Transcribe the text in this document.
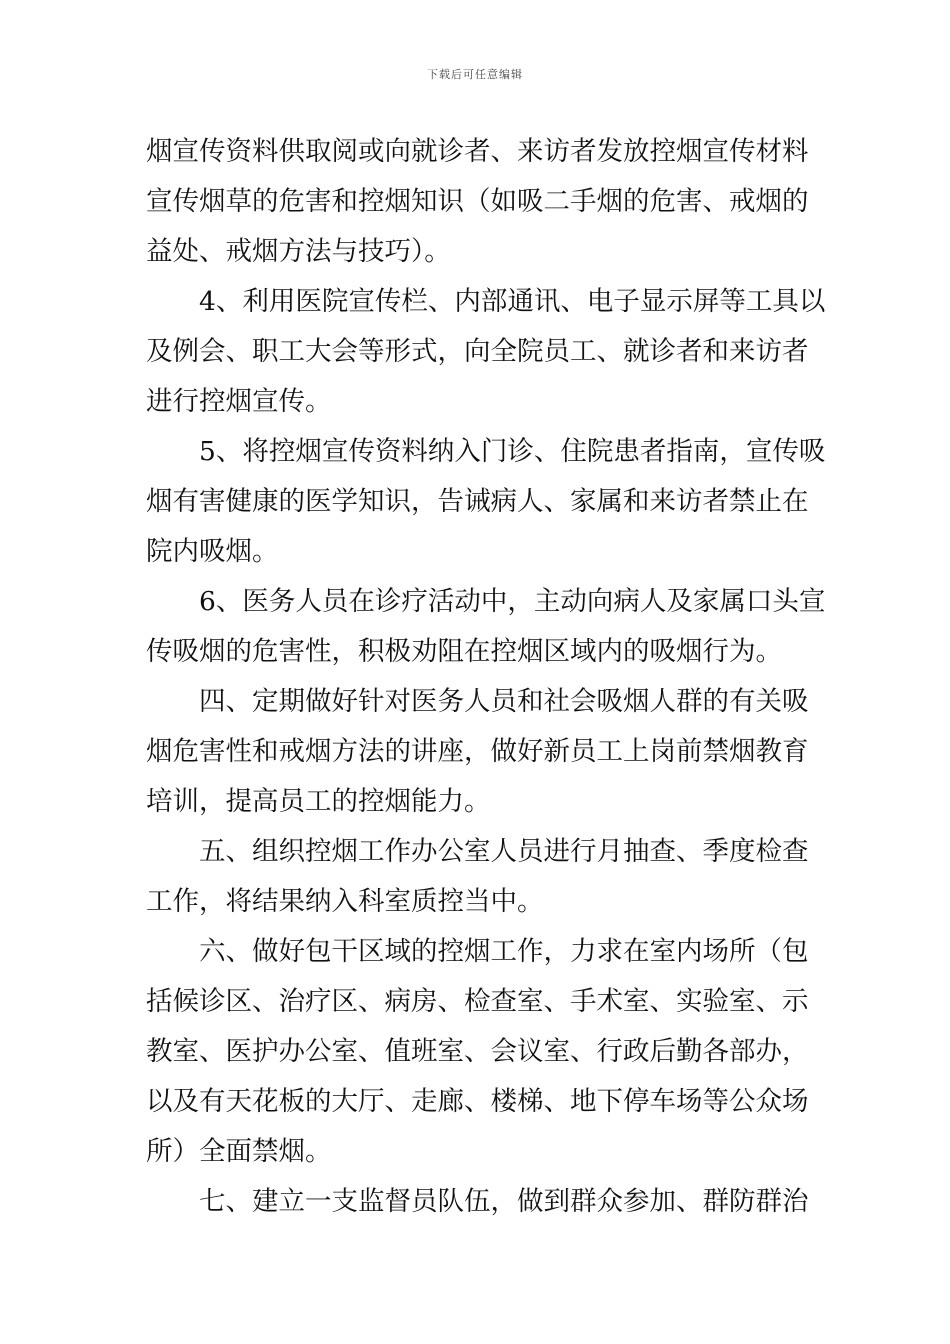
下载后可任意编辑
烟宣传资料供取阅或向就诊者、来访者发放控烟宣传材料
宣传烟草的危害和控烟知识（如吸二手烟的危害、戒烟的
益处、戒烟方法与技巧）。
4、利用医院宣传栏、内部通讯、电子显示屏等工具以
及例会、职工大会等形式，向全院员工、就诊者和来访者
进行控烟宣传。
5、将控烟宣传资料纳入门诊、住院患者指南，宣传吸
烟有害健康的医学知识，告诫病人、家属和来访者禁止在
院内吸烟。
6、医务人员在诊疗活动中，主动向病人及家属口头宣
传吸烟的危害性，积极劝阻在控烟区域内的吸烟行为。
四、定期做好针对医务人员和社会吸烟人群的有关吸
烟危害性和戒烟方法的讲座，做好新员工上岗前禁烟教育
培训，提高员工的控烟能力。
五、组织控烟工作办公室人员进行月抽查、季度检查
工作，将结果纳入科室质控当中。
六、做好包干区域的控烟工作，力求在室内场所（包
括候诊区、治疗区、病房、检查室、手术室、实验室、示
教室、医护办公室、值班室、会议室、行政后勤各部办，
以及有天花板的大厅、走廊、楼梯、地下停车场等公众场
所）全面禁烟。
七、建立一支监督员队伍，做到群众参加、群防群治
